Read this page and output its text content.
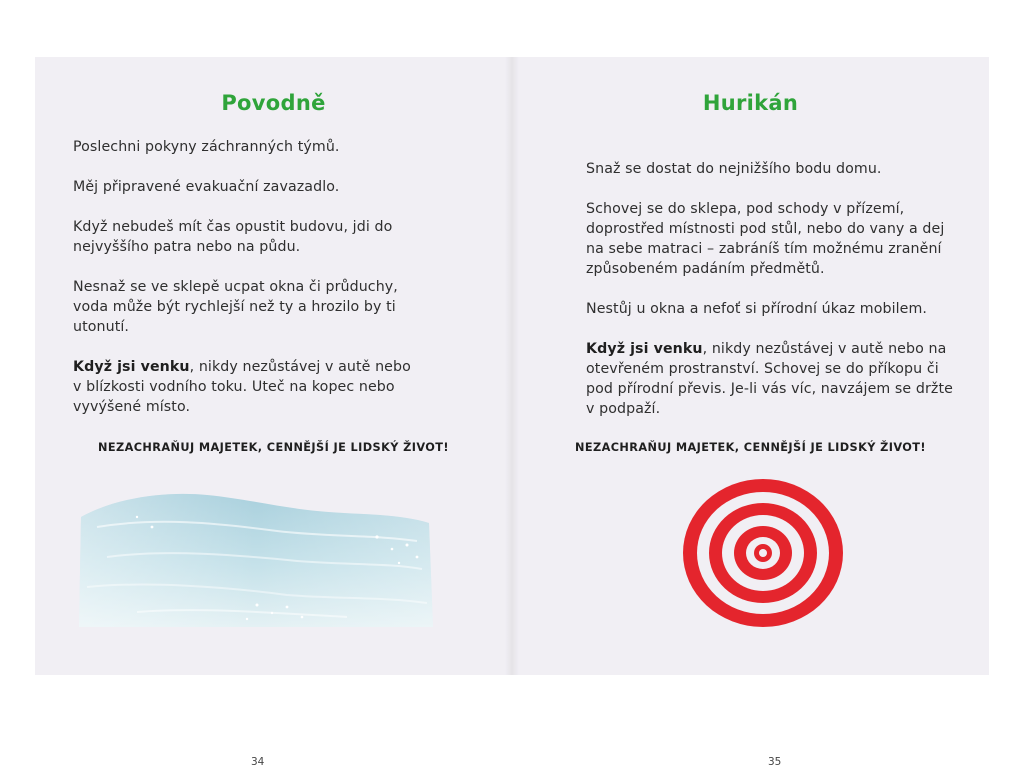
Povodně

Poslechni pokyny záchranných týmů.

Měj připravené evakuační zavazadlo.

Když nebudeš mít čas opustit budovu, jdi do nejvyššího patra nebo na půdu.

Nesnaž se ve sklepě ucpat okna či průduchy, voda může být rychlejší než ty a hrozilo by ti utonutí.

Když jsi venku, nikdy nezůstávej v autě nebo v blízkosti vodního toku. Uteč na kopec nebo vyvýšené místo.

NEZACHRAŇUJ MAJETEK, CENNĚJŠÍ JE LIDSKÝ ŽIVOT!
34
Hurikán

Snaž se dostat do nejnižšího bodu domu.

Schovej se do sklepa, pod schody v přízemí, doprostřed místnosti pod stůl, nebo do vany a dej na sebe matraci – zabráníš tím možnému zranění způsobeném padáním předmětů.

Nestůj u okna a nefoť si přírodní úkaz mobilem.

Když jsi venku, nikdy nezůstávej v autě nebo na otevřeném prostranství. Schovej se do příkopu či pod přírodní převis. Je-li vás víc, navzájem se držte v podpaží.

NEZACHRAŇUJ MAJETEK, CENNĚJŠÍ JE LIDSKÝ ŽIVOT!
35
